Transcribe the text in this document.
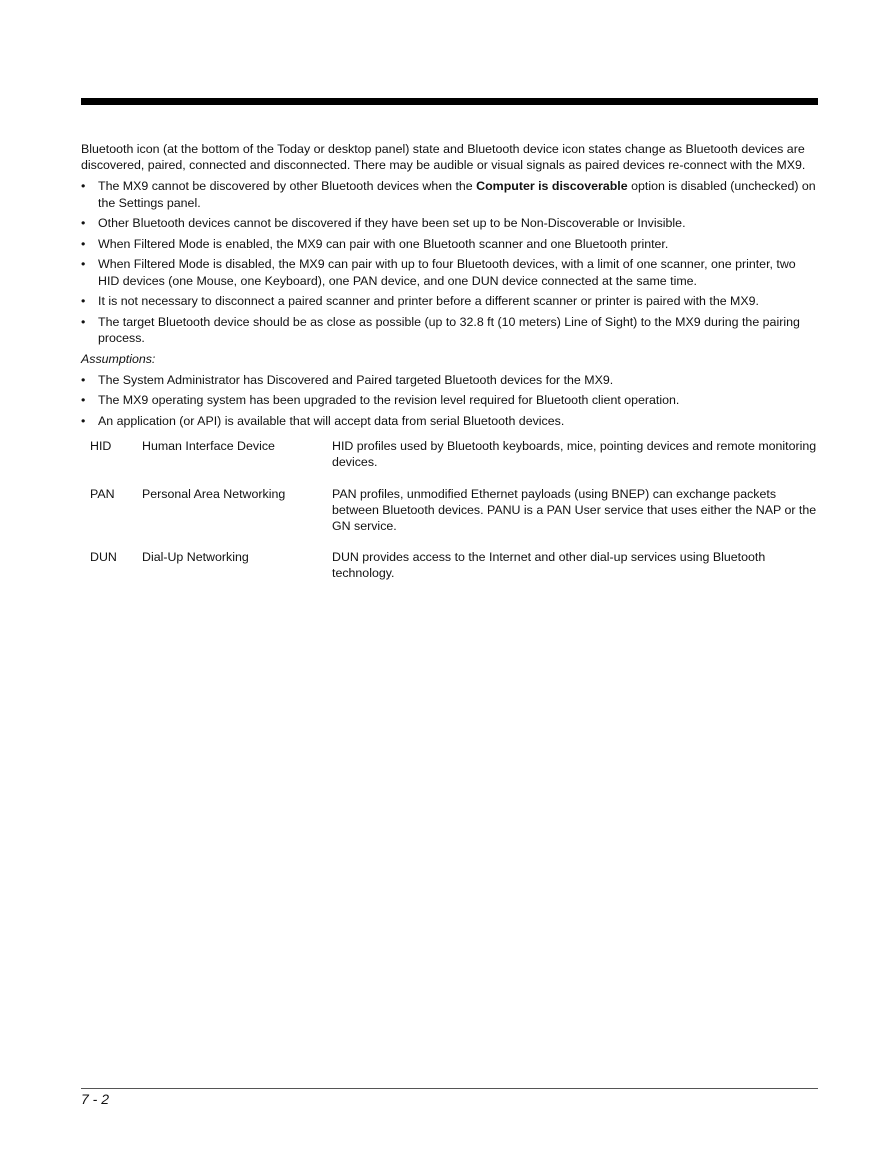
Bluetooth icon (at the bottom of the Today or desktop panel) state and Bluetooth device icon states change as Bluetooth devices are discovered, paired, connected and disconnected. There may be audible or visual signals as paired devices re-connect with the MX9.

• The MX9 cannot be discovered by other Bluetooth devices when the Computer is discoverable option is disabled (unchecked) on the Settings panel.
• Other Bluetooth devices cannot be discovered if they have been set up to be Non-Discoverable or Invisible.
• When Filtered Mode is enabled, the MX9 can pair with one Bluetooth scanner and one Bluetooth printer.
• When Filtered Mode is disabled, the MX9 can pair with up to four Bluetooth devices, with a limit of one scanner, one printer, two HID devices (one Mouse, one Keyboard), one PAN device, and one DUN device connected at the same time.
• It is not necessary to disconnect a paired scanner and printer before a different scanner or printer is paired with the MX9.
• The target Bluetooth device should be as close as possible (up to 32.8 ft (10 meters) Line of Sight) to the MX9 during the pairing process.

Assumptions:

• The System Administrator has Discovered and Paired targeted Bluetooth devices for the MX9.
• The MX9 operating system has been upgraded to the revision level required for Bluetooth client operation.
• An application (or API) is available that will accept data from serial Bluetooth devices.
HID	Human Interface Device	HID profiles used by Bluetooth keyboards, mice, pointing devices and remote monitoring devices.
PAN	Personal Area Networking	PAN profiles, unmodified Ethernet payloads (using BNEP) can exchange packets between Bluetooth devices. PANU is a PAN User service that uses either the NAP or the GN service.
DUN	Dial-Up Networking	DUN provides access to the Internet and other dial-up services using Bluetooth technology.
7 - 2
